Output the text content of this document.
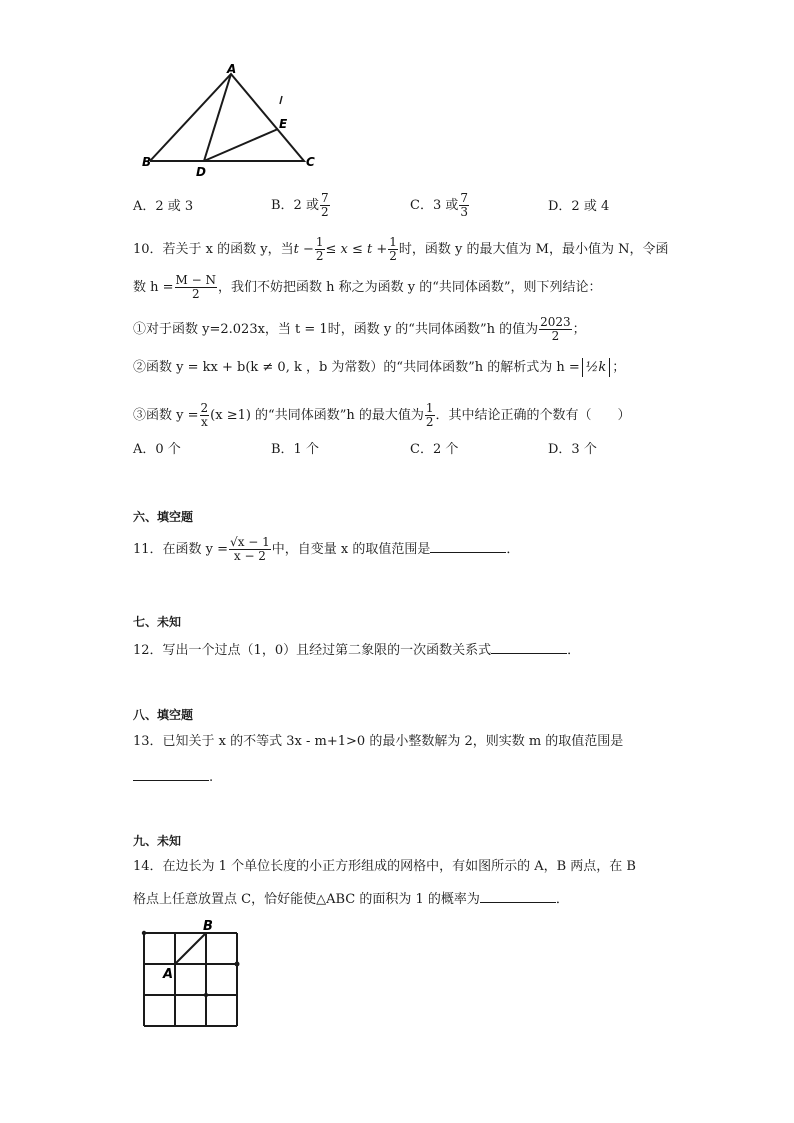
A
B	C
D
E
A．2 或 3	B．2 或 $\frac{7}{2}$	C．3 或 $\frac{7}{3}$	D．2 或 4
10．若关于 x 的函数 y，当$t - \frac{1}{2} \le x \le t + \frac{1}{2}$ 时，函数 y 的最大值为 M，最小值为 N，令函
数 $h = \frac{M - N}{2}$ ，我们不妨把函数 h 称之为函数 y 的“共同体函数”，则下列结论：
①对于函数 y=2.023x，当 t = 1时，函数 y 的“共同体函数”h 的值为 $\frac{2023}{2}$ ；
②函数 y = kx + b(k ≠ 0, k ，b 为常数）的“共同体函数”h 的解析式为 h = ½k ；
③函数 $y = \frac{2}{x} (x \ge 1)$ 的“共同体函数”h 的最大值为 $\frac{1}{2}$ ．其中结论正确的个数有（　　）
A．0 个	B．1 个	C．2 个	D．3 个
六、填空题
11．在函数 $y = \frac{√x - 1}{x - 2}$ 中，自变量 x 的取值范围是	．
七、未知
12．写出一个过点（1，0）且经过第二象限的一次函数关系式	．
八、填空题
13．已知关于 x 的不等式 3x - m+1>0 的最小整数解为 2，则实数 m 的取值范围是
.
九、未知
14．在边长为 1 个单位长度的小正方形组成的网格中，有如图所示的 A，B 两点，在 B
格点上任意放置点 C，恰好能使△ABC 的面积为 1 的概率为	．
A
B
